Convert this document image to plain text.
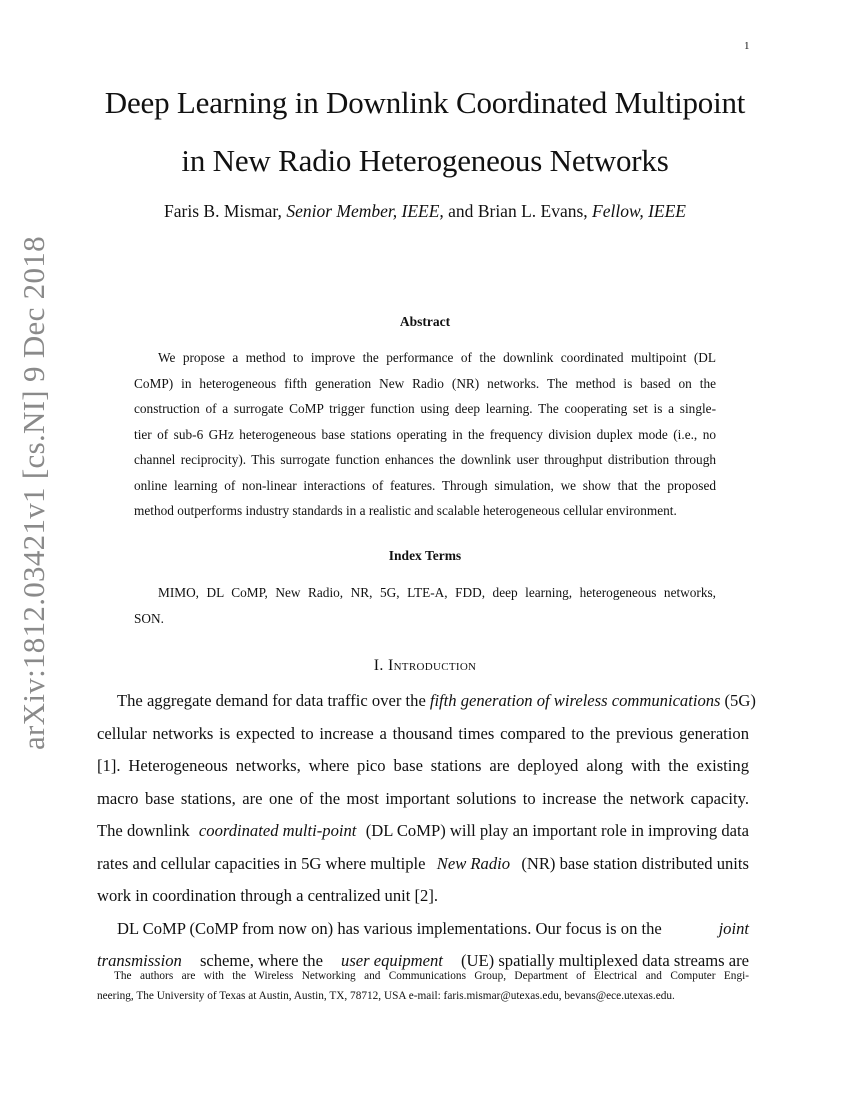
1
arXiv:1812.03421v1 [cs.NI] 9 Dec 2018
Deep Learning in Downlink Coordinated Multipoint
in New Radio Heterogeneous Networks
Faris B. Mismar, Senior Member, IEEE, and Brian L. Evans, Fellow, IEEE
Abstract
We propose a method to improve the performance of the downlink coordinated multipoint (DL
CoMP) in heterogeneous fifth generation New Radio (NR) networks. The method is based on the
construction of a surrogate CoMP trigger function using deep learning. The cooperating set is a single-
tier of sub-6 GHz heterogeneous base stations operating in the frequency division duplex mode (i.e., no
channel reciprocity). This surrogate function enhances the downlink user throughput distribution through
online learning of non-linear interactions of features. Through simulation, we show that the proposed
method outperforms industry standards in a realistic and scalable heterogeneous cellular environment.
Index Terms
MIMO, DL CoMP, New Radio, NR, 5G, LTE-A, FDD, deep learning, heterogeneous networks,
SON.
I. Introduction
The aggregate demand for data traffic over the fifth generation of wireless communications (5G)
cellular networks is expected to increase a thousand times compared to the previous generation
[1]. Heterogeneous networks, where pico base stations are deployed along with the existing
macro base stations, are one of the most important solutions to increase the network capacity.
The downlink coordinated multi-point (DL CoMP) will play an important role in improving data
rates and cellular capacities in 5G where multiple New Radio (NR) base station distributed units
work in coordination through a centralized unit [2].
DL CoMP (CoMP from now on) has various implementations. Our focus is on the	joint
transmission scheme, where the user equipment (UE) spatially multiplexed data streams are
The authors are with the Wireless Networking and Communications Group, Department of Electrical and Computer Engi-
neering, The University of Texas at Austin, Austin, TX, 78712, USA e-mail: faris.mismar@utexas.edu, bevans@ece.utexas.edu.
